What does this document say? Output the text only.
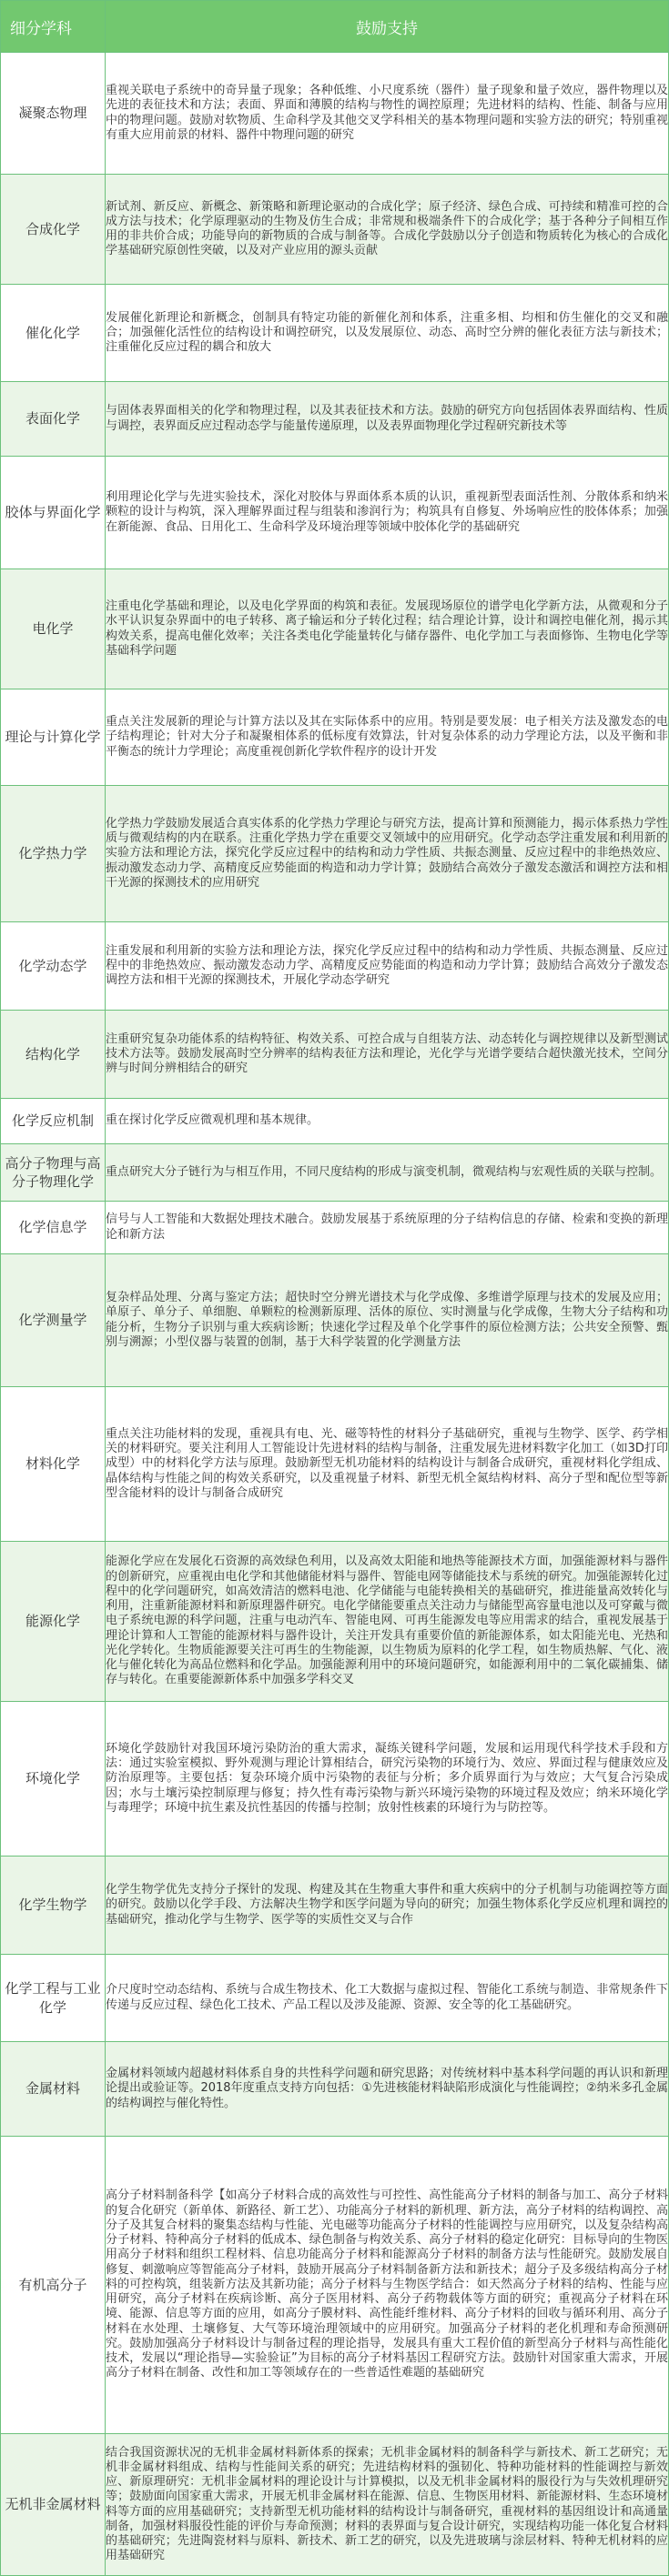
细分学科	鼓励支持
凝聚态物理	重视关联电子系统中的奇异量子现象；各种低维、小尺度系统（器件）量子现象和量子效应，器件物理以及先进的表征技术和方法；表面、界面和薄膜的结构与物性的调控原理；先进材料的结构、性能、制备与应用中的物理问题。鼓励对软物质、生命科学及其他交叉学科相关的基本物理问题和实验方法的研究；特别重视有重大应用前景的材料、器件中物理问题的研究
合成化学	新试剂、新反应、新概念、新策略和新理论驱动的合成化学；原子经济、绿色合成、可持续和精准可控的合成方法与技术；化学原理驱动的生物及仿生合成；非常规和极端条件下的合成化学；基于各种分子间相互作用的非共价合成；功能导向的新物质的合成与制备等。合成化学鼓励以分子创造和物质转化为核心的合成化学基础研究原创性突破，以及对产业应用的源头贡献
催化化学	发展催化新理论和新概念，创制具有特定功能的新催化剂和体系，注重多相、均相和仿生催化的交叉和融合；加强催化活性位的结构设计和调控研究，以及发展原位、动态、高时空分辨的催化表征方法与新技术；注重催化反应过程的耦合和放大
表面化学	与固体表界面相关的化学和物理过程，以及其表征技术和方法。鼓励的研究方向包括固体表界面结构、性质与调控，表界面反应过程动态学与能量传递原理，以及表界面物理化学过程研究新技术等
胶体与界面化学	利用理论化学与先进实验技术，深化对胶体与界面体系本质的认识，重视新型表面活性剂、分散体系和纳米颗粒的设计与构筑，深入理解界面过程与组装和渗润行为；构筑具有自修复、外场响应性的胶体体系；加强在新能源、食品、日用化工、生命科学及环境治理等领域中胶体化学的基础研究
电化学	注重电化学基础和理论，以及电化学界面的构筑和表征。发展现场原位的谱学电化学新方法，从微观和分子水平认识复杂界面中的电子转移、离子输运和分子转化过程；结合理论计算，设计和调控电催化剂，揭示其构效关系，提高电催化效率；关注各类电化学能量转化与储存器件、电化学加工与表面修饰、生物电化学等基础科学问题
理论与计算化学	重点关注发展新的理论与计算方法以及其在实际体系中的应用。特别是要发展：电子相关方法及激发态的电子结构理论；针对大分子和凝聚相体系的低标度有效算法，针对复杂体系的动力学理论方法，以及平衡和非平衡态的统计力学理论；高度重视创新化学软件程序的设计开发
化学热力学	化学热力学鼓励发展适合真实体系的化学热力学理论与研究方法，提高计算和预测能力，揭示体系热力学性质与微观结构的内在联系。注重化学热力学在重要交叉领域中的应用研究。化学动态学注重发展和利用新的实验方法和理论方法，探究化学反应过程中的结构和动力学性质、共振态测量、反应过程中的非绝热效应、振动激发态动力学、高精度反应势能面的构造和动力学计算；鼓励结合高效分子激发态激活和调控方法和相干光源的探测技术的应用研究
化学动态学	注重发展和利用新的实验方法和理论方法，探究化学反应过程中的结构和动力学性质、共振态测量、反应过程中的非绝热效应、振动激发态动力学、高精度反应势能面的构造和动力学计算；鼓励结合高效分子激发态调控方法和相干光源的探测技术，开展化学动态学研究
结构化学	注重研究复杂功能体系的结构特征、构效关系、可控合成与自组装方法、动态转化与调控规律以及新型测试技术方法等。鼓励发展高时空分辨率的结构表征方法和理论，光化学与光谱学要结合超快激光技术，空间分辨与时间分辨相结合的研究
化学反应机制	重在探讨化学反应微观机理和基本规律。
高分子物理与高分子物理化学	重点研究大分子链行为与相互作用，不同尺度结构的形成与演变机制，微观结构与宏观性质的关联与控制。
化学信息学	信号与人工智能和大数据处理技术融合。鼓励发展基于系统原理的分子结构信息的存储、检索和变换的新理论和新方法
化学测量学	复杂样品处理、分离与鉴定方法；超快时空分辨光谱技术与化学成像、多维谱学原理与技术的发展及应用；单原子、单分子、单细胞、单颗粒的检测新原理、活体的原位、实时测量与化学成像，生物大分子结构和功能分析，生物分子识别与重大疾病诊断；快速化学过程及单个化学事件的原位检测方法；公共安全预警、甄别与溯源；小型仪器与装置的创制，基于大科学装置的化学测量方法
材料化学	重点关注功能材料的发现，重视具有电、光、磁等特性的材料分子基础研究，重视与生物学、医学、药学相关的材料研究。要关注利用人工智能设计先进材料的结构与制备，注重发展先进材料数字化加工（如3D打印成型）中的材料化学方法与原理。鼓励新型无机功能材料的结构设计与制备合成研究，重视材料化学组成、晶体结构与性能之间的构效关系研究，以及重视量子材料、新型无机全氮结构材料、高分子型和配位型等新型含能材料的设计与制备合成研究
能源化学	能源化学应在发展化石资源的高效绿色利用，以及高效太阳能和地热等能源技术方面，加强能源材料与器件的创新研究，应重视由电化学和其他储能材料与器件、智能电网等储能技术与系统的研究。加强能源转化过程中的化学问题研究，如高效清洁的燃料电池、化学储能与电能转换相关的基础研究，推进能量高效转化与利用，注重新能源材料和新原理器件研究。电化学储能要重点关注动力与储能型高容量电池以及可穿戴与微电子系统电源的科学问题，注重与电动汽车、智能电网、可再生能源发电等应用需求的结合，重视发展基于理论计算和人工智能的能源材料与器件设计，关注开发具有重要价值的新能源体系，如太阳能光电、光热和光化学转化。生物质能源要关注可再生的生物能源，以生物质为原料的化学工程，如生物质热解、气化、液化与催化转化为高品位燃料和化学品。加强能源利用中的环境问题研究，如能源利用中的二氧化碳捕集、储存与转化。在重要能源新体系中加强多学科交叉
环境化学	环境化学鼓励针对我国环境污染防治的重大需求，凝练关键科学问题，发展和运用现代科学技术手段和方法：通过实验室模拟、野外观测与理论计算相结合，研究污染物的环境行为、效应、界面过程与健康效应及防治原理等。主要包括：复杂环境介质中污染物的表征与分析；多介质界面行为与效应；大气复合污染成因；水与土壤污染控制原理与修复；持久性有毒污染物与新兴环境污染物的环境过程及效应；纳米环境化学与毒理学；环境中抗生素及抗性基因的传播与控制；放射性核素的环境行为与防控等。
化学生物学	化学生物学优先支持分子探针的发现、构建及其在生物重大事件和重大疾病中的分子机制与功能调控等方面的研究。鼓励以化学手段、方法解决生物学和医学问题为导向的研究；加强生物体系化学反应机理和调控的基础研究，推动化学与生物学、医学等的实质性交叉与合作
化学工程与工业化学	介尺度时空动态结构、系统与合成生物技术、化工大数据与虚拟过程、智能化工系统与制造、非常规条件下传递与反应过程、绿色化工技术、产品工程以及涉及能源、资源、安全等的化工基础研究。
金属材料	金属材料领域内超越材料体系自身的共性科学问题和研究思路；对传统材料中基本科学问题的再认识和新理论提出或验证等。2018年度重点支持方向包括：①先进核能材料缺陷形成演化与性能调控；②纳米多孔金属的结构调控与催化特性。
有机高分子	高分子材料制备科学【如高分子材料合成的高效性与可控性、高性能高分子材料的制备与加工、高分子材料的复合化研究（新单体、新路径、新工艺）、功能高分子材料的新机理、新方法，高分子材料的结构调控、高分子及其复合材料的聚集态结构与性能、光电磁等功能高分子材料的性能调控与应用研究，以及复杂结构高分子材料、特种高分子材料的低成本、绿色制备与构效关系、高分子材料的稳定化研究：目标导向的生物医用高分子材料和组织工程材料、信息功能高分子材料和能源高分子材料的制备方法与性能研究。鼓励发展自修复、刺激响应等智能高分子材料，鼓励开展高分子材料制备新方法和新技术；超分子及多级结构高分子材料的可控构筑，组装新方法及其新功能；高分子材料与生物医学结合：如天然高分子材料的结构、性能与应用研究，高分子材料在疾病诊断、高分子医用材料、高分子药物载体等方面的研究；重视高分子材料在环境、能源、信息等方面的应用，如高分子膜材料、高性能纤维材料、高分子材料的回收与循环利用、高分子材料在水处理、土壤修复、大气等环境治理领域中的应用研究。加强高分子材料的老化机理和寿命预测研究。鼓励加强高分子材料设计与制备过程的理论指导，发展具有重大工程价值的新型高分子材料与高性能化技术，发展以“理论指导—实验验证”为目标的高分子材料基因工程研究方法。鼓励针对国家重大需求，开展高分子材料在制备、改性和加工等领域存在的一些普适性难题的基础研究
无机非金属材料	结合我国资源状况的无机非金属材料新体系的探索；无机非金属材料的制备科学与新技术、新工艺研究；无机非金属材料组成、结构与性能间关系的研究；先进结构材料的强韧化、特种功能材料的性能调控与新效应、新原理研究：无机非金属材料的理论设计与计算模拟，以及无机非金属材料的服役行为与失效机理研究等；鼓励面向国家重大需求，开展无机非金属材料在能源、信息、生物医用材料、新能源材料、生态环境材料等方面的应用基础研究；支持新型无机功能材料的结构设计与制备研究，重视材料的基因组设计和高通量制备，加强材料服役性能的评价与寿命预测；材料的表界面与复合设计研究，实现结构功能一体化复合材料的基础研究；先进陶瓷材料与原料、新技术、新工艺的研究，以及先进玻璃与涂层材料、特种无机材料的应用基础研究
